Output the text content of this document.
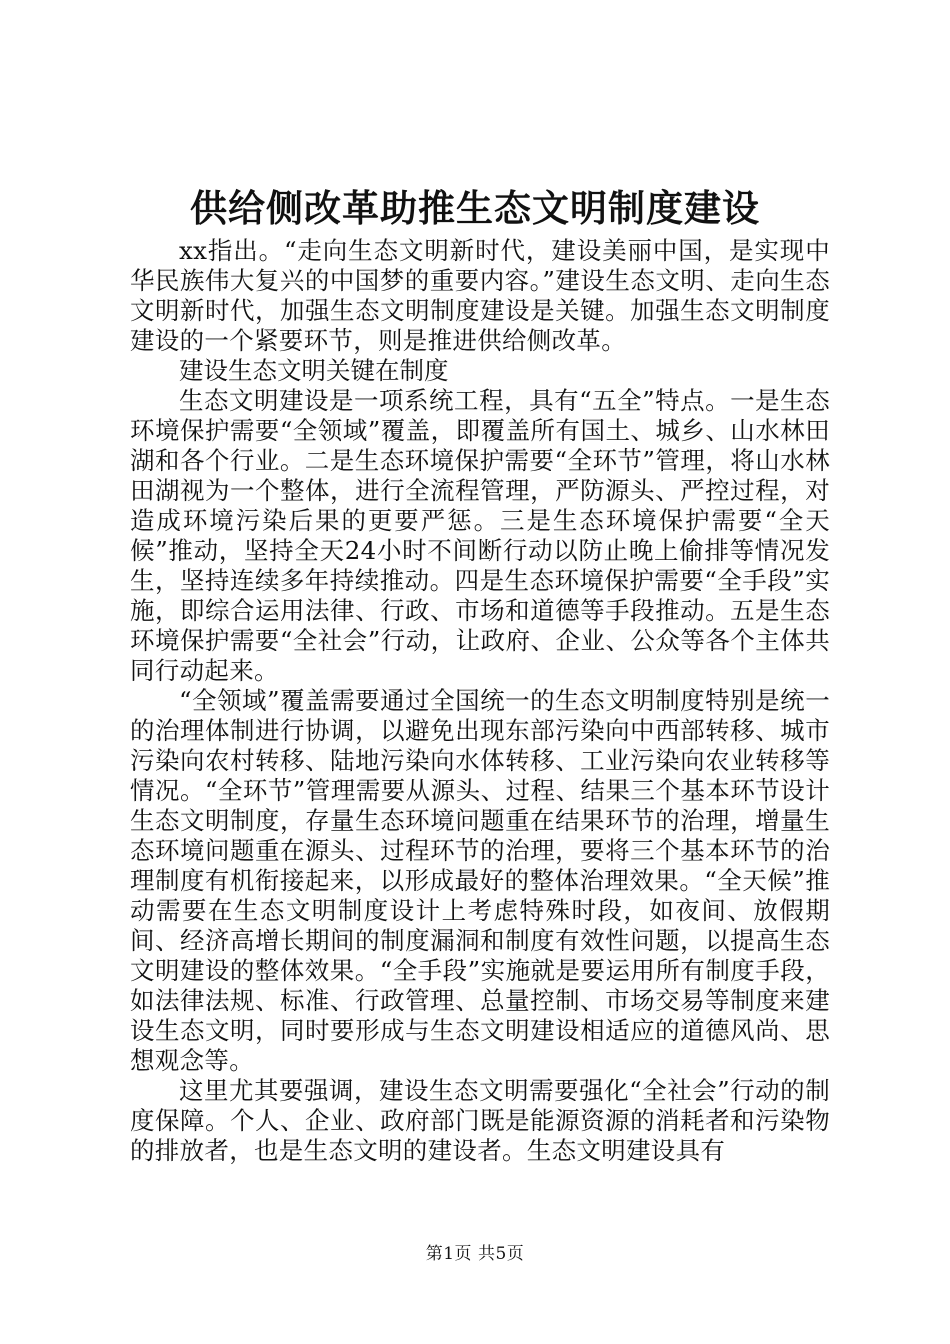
供给侧改革助推生态文明制度建设

xx指出。“走向生态文明新时代，建设美丽中国，是实现中华民族伟大复兴的中国梦的重要内容。”建设生态文明、走向生态文明新时代，加强生态文明制度建设是关键。加强生态文明制度建设的一个紧要环节，则是推进供给侧改革。

建设生态文明关键在制度

生态文明建设是一项系统工程，具有“五全”特点。一是生态环境保护需要“全领域”覆盖，即覆盖所有国土、城乡、山水林田湖和各个行业。二是生态环境保护需要“全环节”管理，将山水林田湖视为一个整体，进行全流程管理，严防源头、严控过程，对造成环境污染后果的更要严惩。三是生态环境保护需要“全天候”推动，坚持全天24小时不间断行动以防止晚上偷排等情况发生，坚持连续多年持续推动。四是生态环境保护需要“全手段”实施，即综合运用法律、行政、市场和道德等手段推动。五是生态环境保护需要“全社会”行动，让政府、企业、公众等各个主体共同行动起来。

“全领域”覆盖需要通过全国统一的生态文明制度特别是统一的治理体制进行协调，以避免出现东部污染向中西部转移、城市污染向农村转移、陆地污染向水体转移、工业污染向农业转移等情况。“全环节”管理需要从源头、过程、结果三个基本环节设计生态文明制度，存量生态环境问题重在结果环节的治理，增量生态环境问题重在源头、过程环节的治理，要将三个基本环节的治理制度有机衔接起来，以形成最好的整体治理效果。“全天候”推动需要在生态文明制度设计上考虑特殊时段，如夜间、放假期间、经济高增长期间的制度漏洞和制度有效性问题，以提高生态文明建设的整体效果。“全手段”实施就是要运用所有制度手段，如法律法规、标准、行政管理、总量控制、市场交易等制度来建设生态文明，同时要形成与生态文明建设相适应的道德风尚、思想观念等。

这里尤其要强调，建设生态文明需要强化“全社会”行动的制度保障。个人、企业、政府部门既是能源资源的消耗者和污染物的排放者，也是生态文明的建设者。生态文明建设具有

第1页 共5页
